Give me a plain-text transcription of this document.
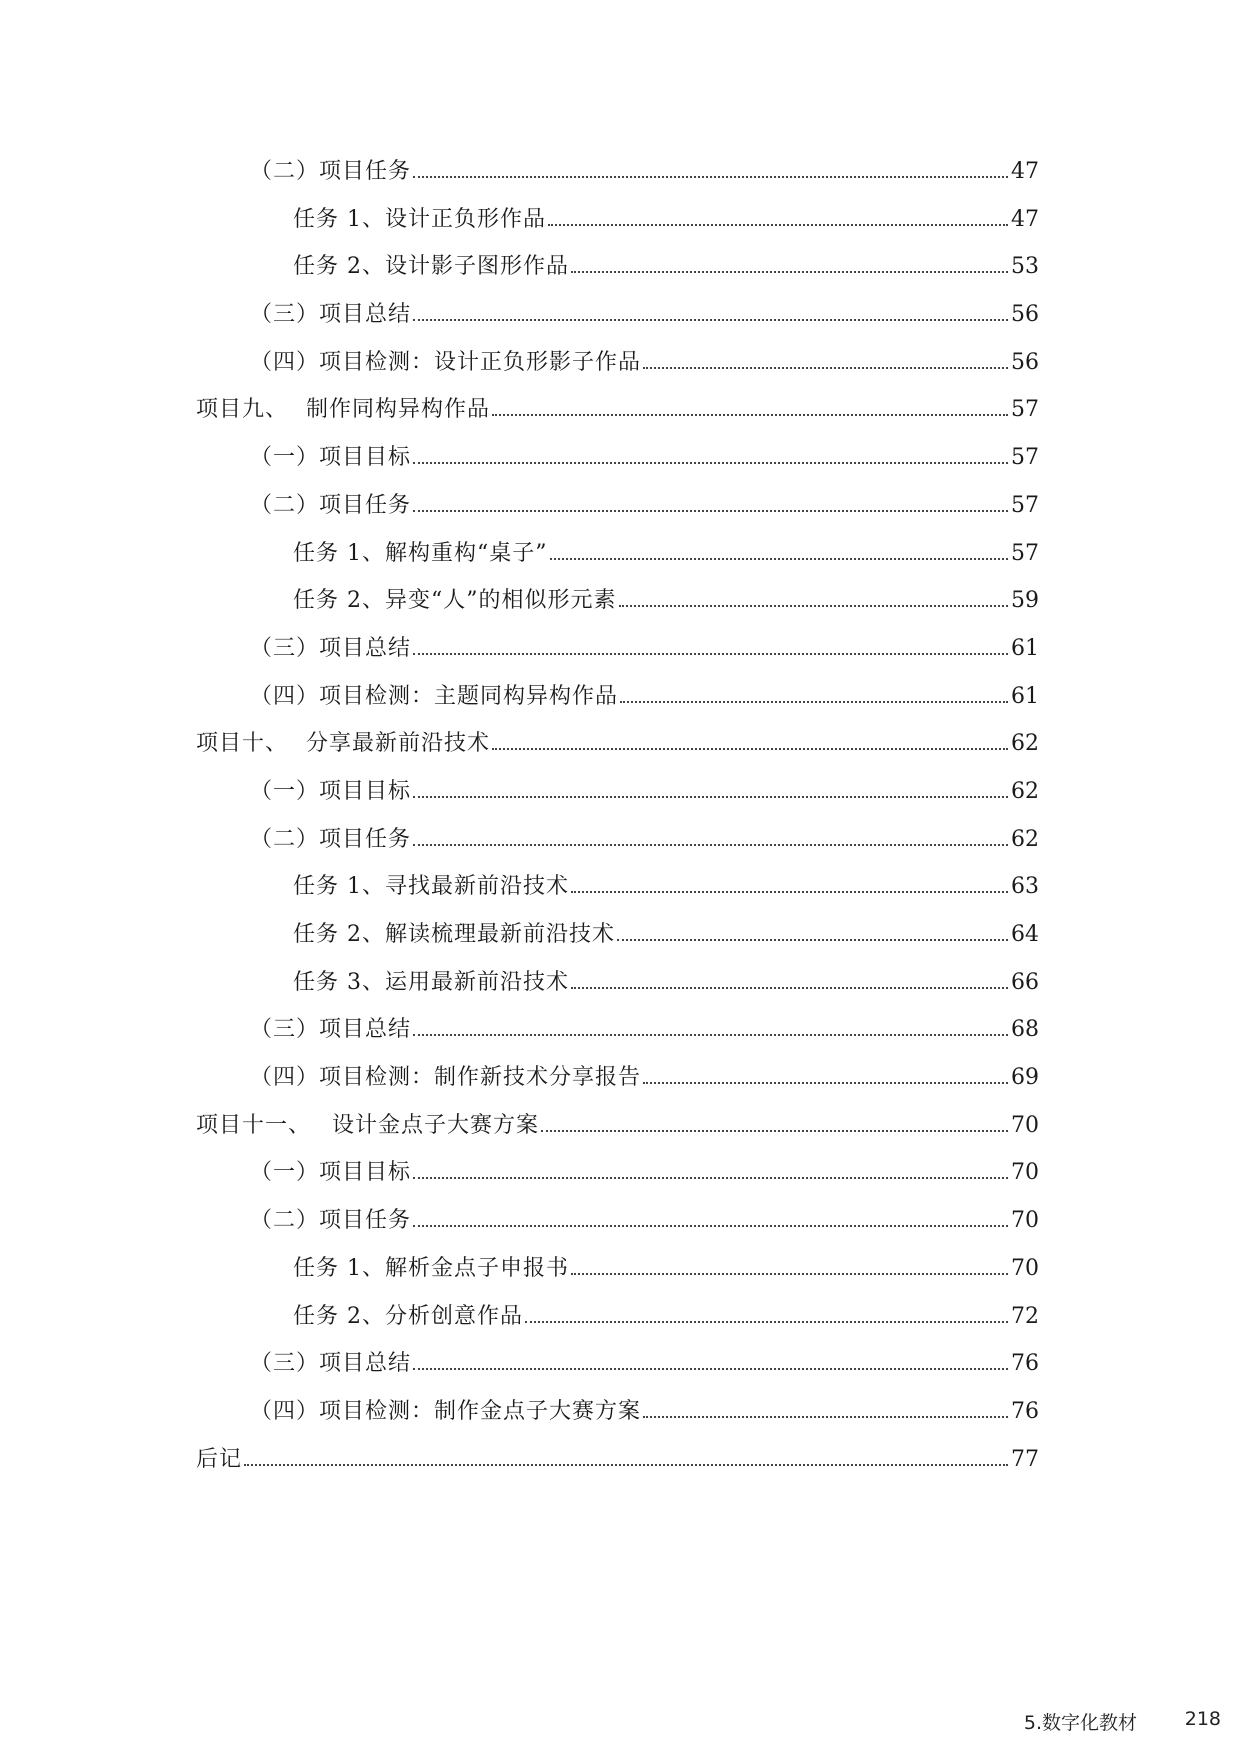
（二）项目任务	47
任务 1、设计正负形作品	47
任务 2、设计影子图形作品	53
（三）项目总结	56
（四）项目检测：设计正负形影子作品	56
项目九、 制作同构异构作品	57
（一）项目目标	57
（二）项目任务	57
任务 1、解构重构“桌子”	57
任务 2、异变“人”的相似形元素	59
（三）项目总结	61
（四）项目检测：主题同构异构作品	61
项目十、 分享最新前沿技术	62
（一）项目目标	62
（二）项目任务	62
任务 1、寻找最新前沿技术	63
任务 2、解读梳理最新前沿技术	64
任务 3、运用最新前沿技术	66
（三）项目总结	68
（四）项目检测：制作新技术分享报告	69
项目十一、 设计金点子大赛方案	70
（一）项目目标	70
（二）项目任务	70
任务 1、解析金点子申报书	70
任务 2、分析创意作品	72
（三）项目总结	76
（四）项目检测：制作金点子大赛方案	76
后记	77
5.数字化教材	218
